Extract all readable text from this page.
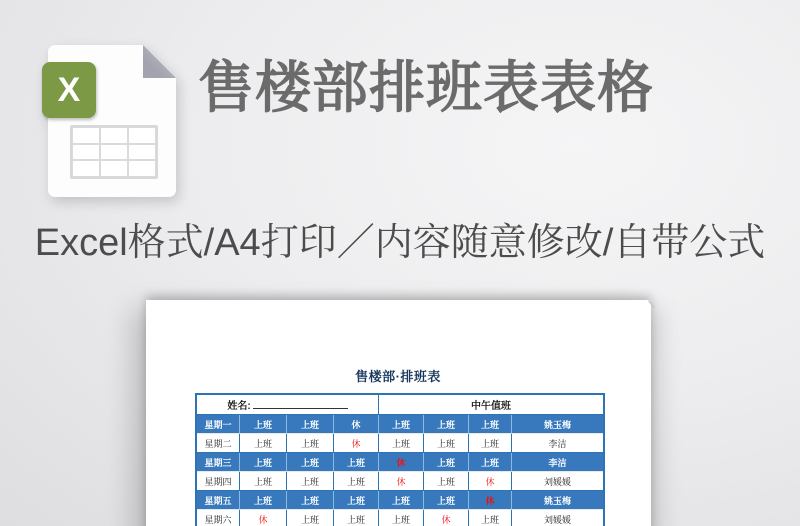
X 售楼部排班表表格
Excel格式/A4打印／内容随意修改/自带公式
售楼部·排班表
姓名:				中午值班			
星期一	上班	上班	休	上班	上班	上班	姚玉梅
星期二	上班	上班	休	上班	上班	上班	李洁
星期三	上班	上班	上班	休	上班	上班	李洁
星期四	上班	上班	上班	休	上班	休	刘媛媛
星期五	上班	上班	上班	上班	上班	休	姚玉梅
星期六	休	上班	上班	上班	休	上班	刘媛媛
